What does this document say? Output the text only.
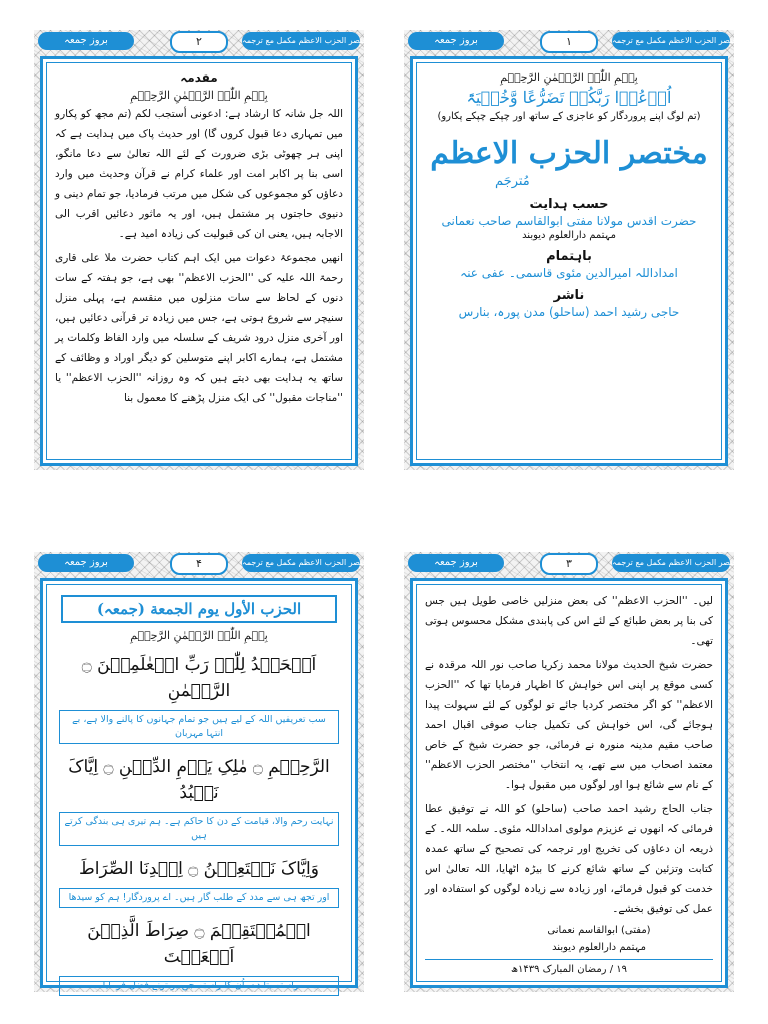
بروز جمعہ	۲	مختصر الحزب الاعظم مکمل مع ترجمہ
مقدمہ
بِسۡمِ اللّٰہِ الرَّحۡمٰنِ الرَّحِیۡمِ

اللہ جل شانہ کا ارشاد ہے: ادعونی أستجب لکم (تم مجھ کو پکارو میں تمہاری دعا قبول کروں گا) اور حدیث پاک میں ہدایت ہے کہ اپنی ہر چھوٹی بڑی ضرورت کے لئے اللہ تعالیٰ سے دعا مانگو، اسی بنا پر اکابر امت اور علماء کرام نے قرآن وحدیث میں وارد دعاؤں کو مجموعوں کی شکل میں مرتب فرمادیا، جو تمام دینی و دنیوی حاجتوں پر مشتمل ہیں، اور یہ ماثور دعائیں اقرب الی الاجابہ ہیں، یعنی ان کی قبولیت کی زیادہ امید ہے۔

انھیں مجموعۂ دعوات میں ایک اہم کتاب حضرت ملا علی قاری رحمۃ اللہ علیہ کی ''الحزب الاعظم'' بھی ہے، جو ہفتہ کے سات دنوں کے لحاظ سے سات منزلوں میں منقسم ہے، پہلی منزل سنیچر سے شروع ہوتی ہے، جس میں زیادہ تر قرآنی دعائیں ہیں، اور آخری منزل درود شریف کے سلسلہ میں وارد الفاظ وکلمات پر مشتمل ہے، ہمارے اکابر اپنے متوسلین کو دیگر اوراد و وظائف کے ساتھ یہ ہدایت بھی دیتے ہیں کہ وہ روزانہ ''الحزب الاعظم'' یا ''مناجات مقبول'' کی ایک منزل پڑھنے کا معمول بنا

بروز جمعہ	۱	مختصر الحزب الاعظم مکمل مع ترجمہ
بِسۡمِ اللّٰہِ الرَّحۡمٰنِ الرَّحِیۡمِ
اُدۡعُوۡا رَبَّکُمۡ تَضَرُّعًا وَّخُفۡیَۃً
(تم لوگ اپنے پروردگار کو عاجزی کے ساتھ اور چپکے چپکے پکارو)
مختصر الحزب الاعظم
مُترجَم
حسب ہدایت
حضرت اقدس مولانا مفتی ابوالقاسم صاحب نعمانی
مہتمم دارالعلوم دیوبند
باہتمام
امداداللہ امیرالدین مئوی قاسمی۔ عفی عنہ
ناشر
حاجی رشید احمد (ساحلو) مدن پورہ، بنارس
بروز جمعہ	۴	مختصر الحزب الاعظم مکمل مع ترجمہ
الحزب الأول يوم الجمعة (جمعہ)
بِسۡمِ اللّٰہِ الرَّحۡمٰنِ الرَّحِیۡمِ
اَلۡحَمۡدُ لِلّٰہِ رَبِّ الۡعٰلَمِیۡنَ ۝ الرَّحۡمٰنِ
سب تعریفیں اللہ کے لیے ہیں جو تمام جہانوں کا پالنے والا ہے، بے انتہا مہربان
الرَّحِیۡمِ ۝ مٰلِکِ یَوۡمِ الدِّیۡنِ ۝ اِیَّاکَ نَعۡبُدُ
نہایت رحم والا، قیامت کے دن کا حاکم ہے۔ ہم تیری ہی بندگی کرتے ہیں
وَاِیَّاکَ نَسۡتَعِیۡنُ ۝ اِہۡدِنَا الصِّرَاطَ
اور تجھ ہی سے مدد کے طلب گار ہیں۔ اے پروردگار! ہم کو سیدھا
الۡمُسۡتَقِیۡمَ ۝ صِرَاطَ الَّذِیۡنَ اَنۡعَمۡتَ
راستہ بتا دے، اُن کا راستہ جن پر تونے فضل فرمایا،
بروز جمعہ	۳	مختصر الحزب الاعظم مکمل مع ترجمہ

لیں۔ ''الحزب الاعظم'' کی بعض منزلیں خاصی طویل ہیں جس کی بنا پر بعض طبائع کے لئے اس کی پابندی مشکل محسوس ہوتی تھی۔

حضرت شیخ الحدیث مولانا محمد زکریا صاحب نور اللہ مرقدہ نے کسی موقع پر اپنی اس خواہش کا اظہار فرمایا تھا کہ ''الحزب الاعظم'' کو اگر مختصر کردیا جائے تو لوگوں کے لئے سہولت پیدا ہوجائے گی، اس خواہش کی تکمیل جناب صوفی اقبال احمد صاحب مقیم مدینہ منورہ نے فرمائی، جو حضرت شیخ کے خاص معتمد اصحاب میں سے تھے، یہ انتخاب ''مختصر الحزب الاعظم'' کے نام سے شائع ہوا اور لوگوں میں مقبول ہوا۔

جناب الحاج رشید احمد صاحب (ساحلو) کو اللہ نے توفیق عطا فرمائی کہ انھوں نے عزیزم مولوی امداداللہ مئوی۔ سلمہ اللہ۔ کے ذریعہ ان دعاؤں کی تخریج اور ترجمہ کی تصحیح کے ساتھ عمدہ کتابت وتزئین کے ساتھ شائع کرنے کا بیڑہ اٹھایا، اللہ تعالیٰ اس خدمت کو قبول فرمائے، اور زیادہ سے زیادہ لوگوں کو استفادہ اور عمل کی توفیق بخشے۔

(مفتی) ابوالقاسم نعمانی
مہتمم دارالعلوم دیوبند
۱۹ / رمضان المبارک ۱۴۳۹ھ
